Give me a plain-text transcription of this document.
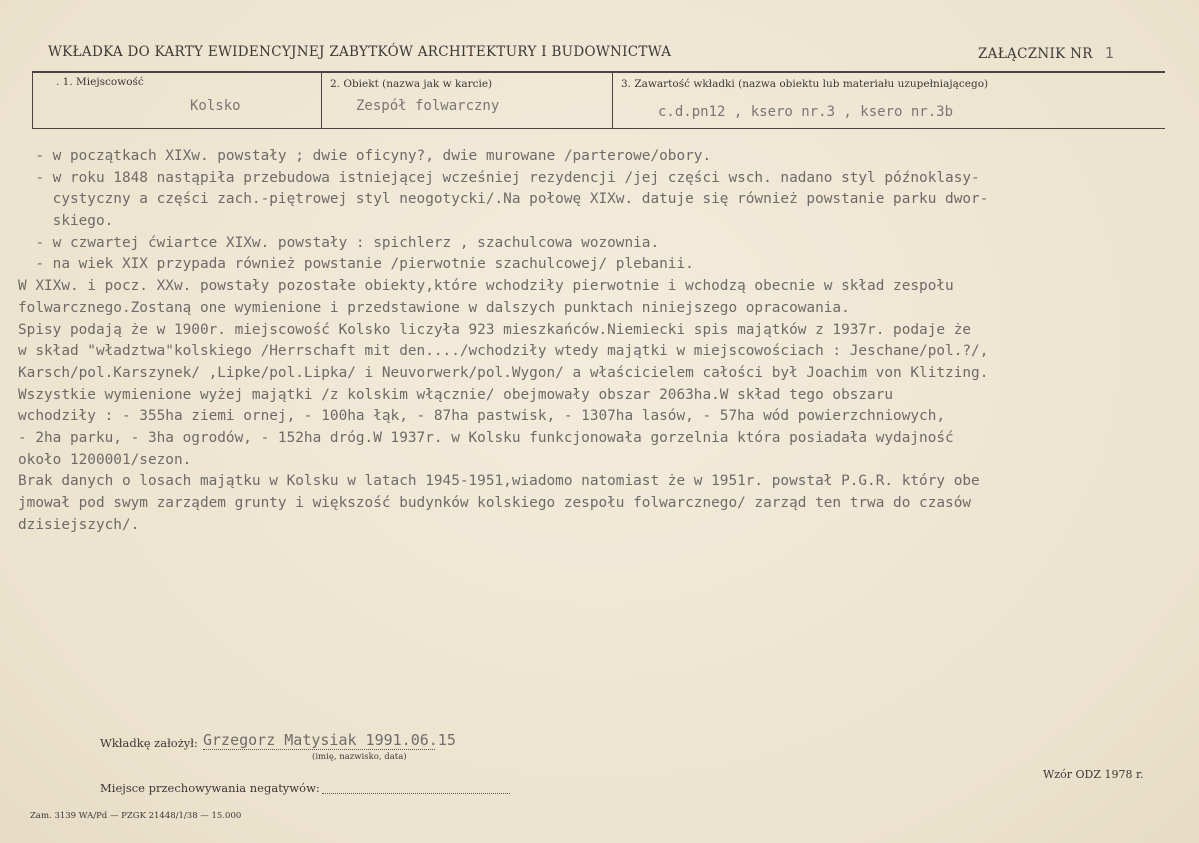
WKŁADKA DO KARTY EWIDENCYJNEJ ZABYTKÓW ARCHITEKTURY I BUDOWNICTWA	ZAŁĄCZNIK NR 1
. 1. Miejscowość
Kolsko
2. Obiekt (nazwa jak w karcie)
Zespół folwarczny
3. Zawartość wkładki (nazwa obiektu lub materiału uzupełniającego)
c.d.pn12 , ksero nr.3 , ksero nr.3b
- w początkach XIXw. powstały ; dwie oficyny?, dwie murowane /parterowe/obory.
- w roku 1848 nastąpiła przebudowa istniejącej wcześniej rezydencji /jej części wsch. nadano styl późnoklasy-
cystyczny a części zach.-piętrowej styl neogotycki/.Na połowę XIXw. datuje się również powstanie parku dwor-
skiego.
- w czwartej ćwiartce XIXw. powstały : spichlerz , szachulcowa wozownia.
- na wiek XIX przypada również powstanie /pierwotnie szachulcowej/ plebanii.
W XIXw. i pocz. XXw. powstały pozostałe obiekty,które wchodziły pierwotnie i wchodzą obecnie w skład zespołu
folwarcznego.Zostaną one wymienione i przedstawione w dalszych punktach niniejszego opracowania.
Spisy podają że w 1900r. miejscowość Kolsko liczyła 923 mieszkańców.Niemiecki spis majątków z 1937r. podaje że
w skład "władztwa"kolskiego /Herrschaft mit den..../wchodziły wtedy majątki w miejscowościach : Jeschane/pol.?/,
Karsch/pol.Karszynek/ ,Lipke/pol.Lipka/ i Neuvorwerk/pol.Wygon/ a właścicielem całości był Joachim von Klitzing.
Wszystkie wymienione wyżej majątki /z kolskim włącznie/ obejmowały obszar 2063ha.W skład tego obszaru
wchodziły : - 355ha ziemi ornej, - 100ha łąk, - 87ha pastwisk, - 1307ha lasów, - 57ha wód powierzchniowych,
- 2ha parku, - 3ha ogrodów, - 152ha dróg.W 1937r. w Kolsku funkcjonowała gorzelnia która posiadała wydajność
około 1200001/sezon.
Brak danych o losach majątku w Kolsku w latach 1945-1951,wiadomo natomiast że w 1951r. powstał P.G.R. który obe
jmował pod swym zarządem grunty i większość budynków kolskiego zespołu folwarcznego/ zarząd ten trwa do czasów
dzisiejszych/.
Wkładkę założył: Grzegorz Matysiak 1991.06.15
(imię, nazwisko, data)
Miejsce przechowywania negatywów:
Wzór ODZ 1978 r.
Zam. 3139 WA/Pd — PZGK 21448/1/38 — 15.000
